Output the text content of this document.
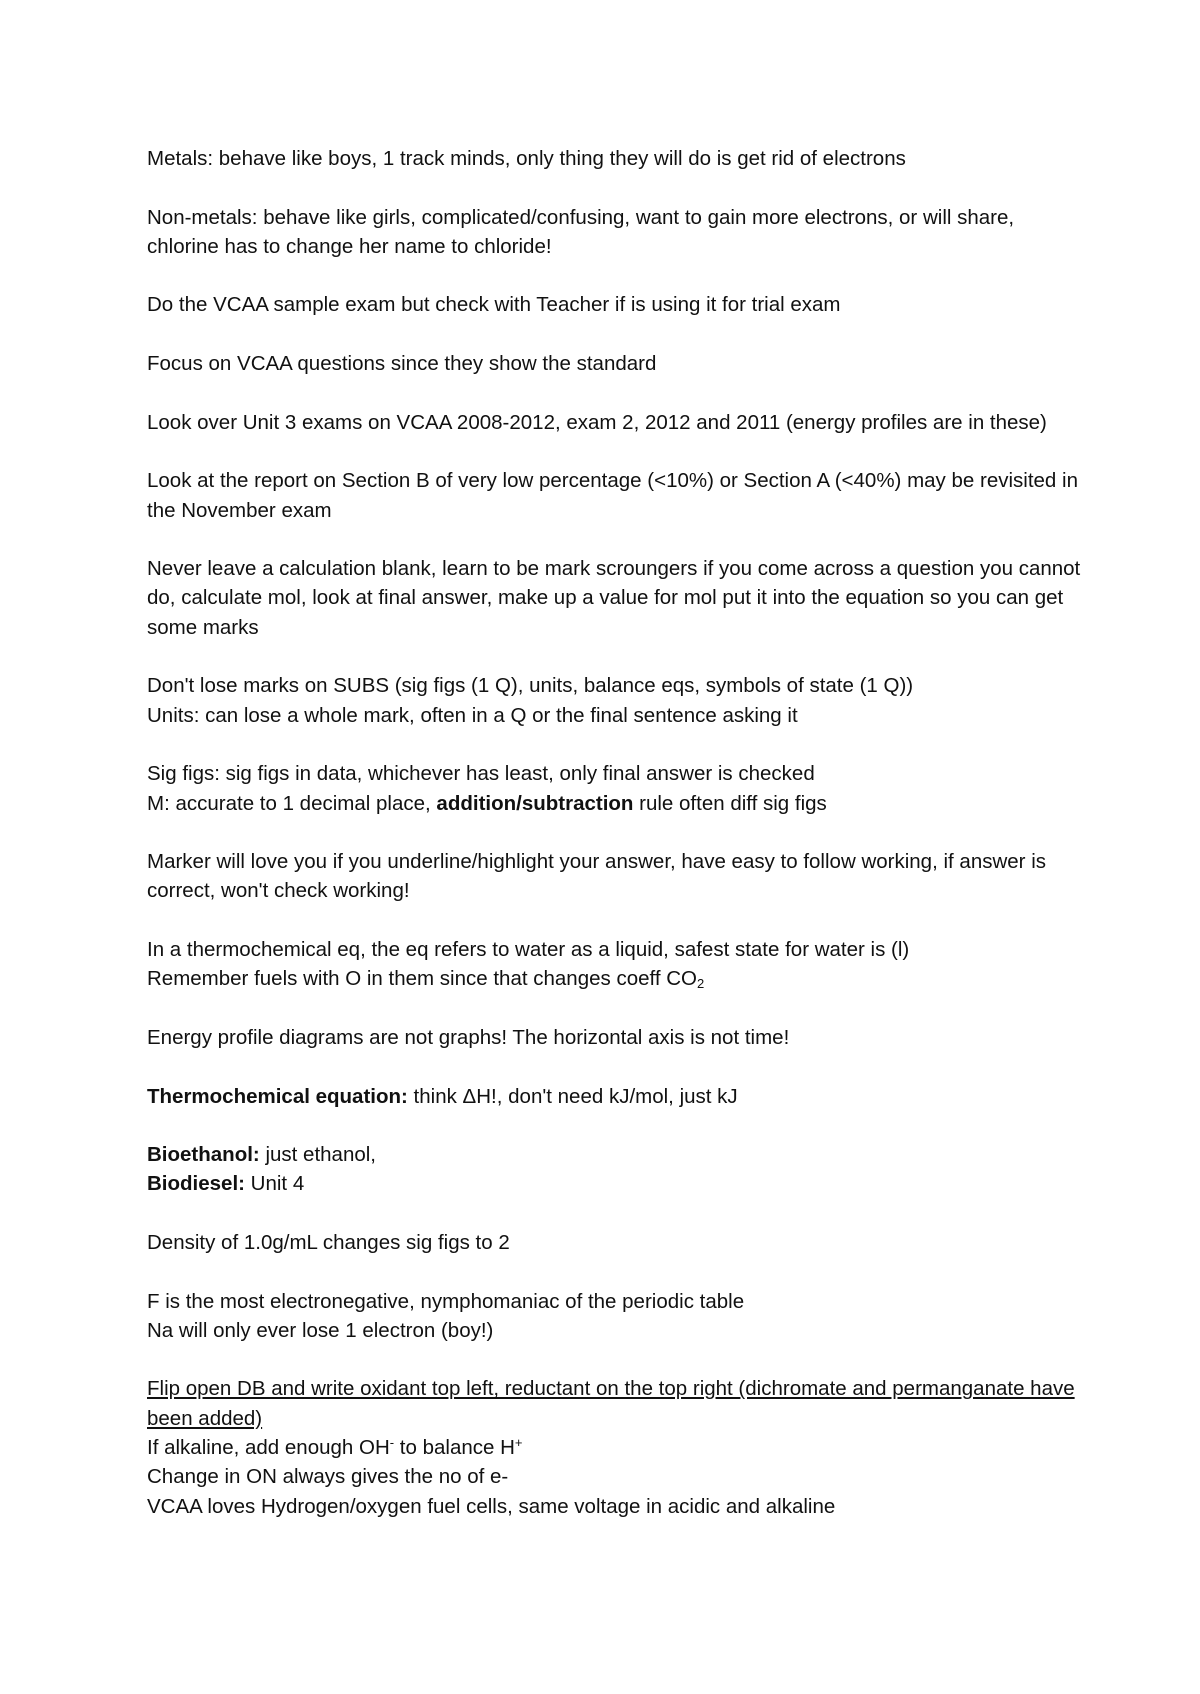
Metals: behave like boys, 1 track minds, only thing they will do is get rid of electrons

Non-metals: behave like girls, complicated/confusing, want to gain more electrons, or will share, chlorine has to change her name to chloride!

Do the VCAA sample exam but check with Teacher if is using it for trial exam

Focus on VCAA questions since they show the standard

Look over Unit 3 exams on VCAA 2008-2012, exam 2, 2012 and 2011 (energy profiles are in these)

Look at the report on Section B of very low percentage (<10%) or Section A (<40%) may be revisited in the November exam

Never leave a calculation blank, learn to be mark scroungers if you come across a question you cannot do, calculate mol, look at final answer, make up a value for mol put it into the equation so you can get some marks

Don't lose marks on SUBS (sig figs (1 Q), units, balance eqs, symbols of state (1 Q))
Units: can lose a whole mark, often in a Q or the final sentence asking it

Sig figs: sig figs in data, whichever has least, only final answer is checked
M: accurate to 1 decimal place, addition/subtraction rule often diff sig figs

Marker will love you if you underline/highlight your answer, have easy to follow working, if answer is correct, won't check working!

In a thermochemical eq, the eq refers to water as a liquid, safest state for water is (l)
Remember fuels with O in them since that changes coeff $CO_2$

Energy profile diagrams are not graphs! The horizontal axis is not time!

Thermochemical equation: think ΔH!, don't need kJ/mol, just kJ

Bioethanol: just ethanol,
Biodiesel: Unit 4

Density of 1.0g/mL changes sig figs to 2

F is the most electronegative, nymphomaniac of the periodic table
Na will only ever lose 1 electron (boy!)

Flip open DB and write oxidant top left, reductant on the top right (dichromate and permanganate have been added)
If alkaline, add enough OH- to balance H+
Change in ON always gives the no of e-
VCAA loves Hydrogen/oxygen fuel cells, same voltage in acidic and alkaline
